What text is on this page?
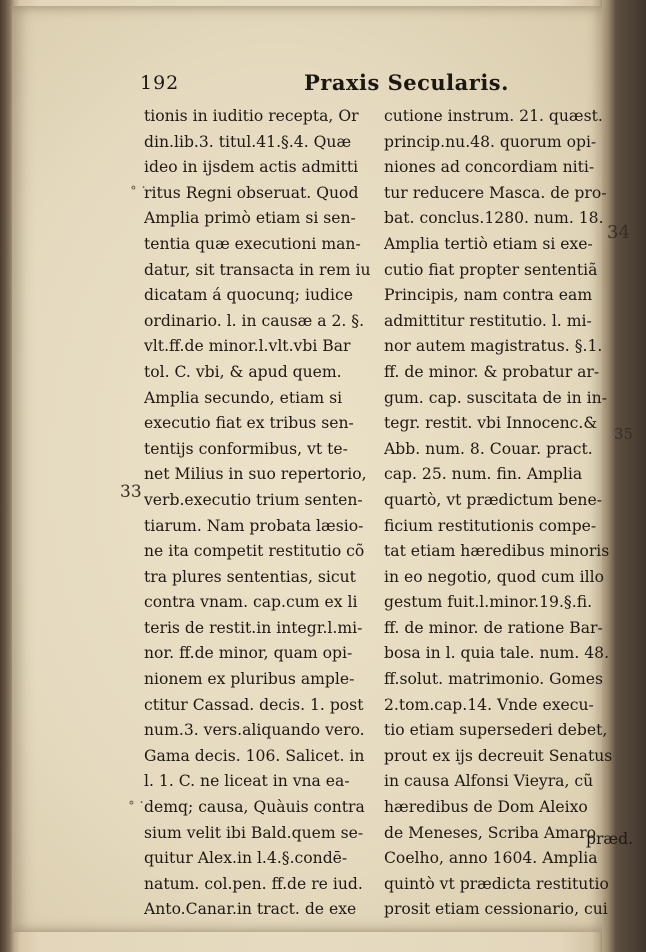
192	Praxis Secularis.
tionis in iuditio recepta, Or
din.lib.3. titul.41.§.4. Quæ
ideo in ijsdem actis admitti
ritus Regni obseruat. Quod
Amplia primò etiam si sen-
tentia quæ executioni man-
datur, sit transacta in rem iu
dicatam á quocunq; iudice
ordinario. l. in causæ a 2. §.
vlt.ff.de minor.l.vlt.vbi Bar
tol. C. vbi, & apud quem.
Amplia secundo, etiam si
executio fiat ex tribus sen-
tentijs conformibus, vt te-
net Milius in suo repertorio,
verb.executio trium senten-
tiarum. Nam probata læsio-
ne ita competit restitutio cõ
tra plures sententias, sicut
contra vnam. cap.cum ex li
teris de restit.in integr.l.mi-
nor. ff.de minor, quam opi-
nionem ex pluribus ample-
ctitur Cassad. decis. 1. post
num.3. vers.aliquando vero.
Gama decis. 106. Salicet. in
l. 1. C. ne liceat in vna ea-
demq; causa, Quàuis contra
sium velit ibi Bald.quem se-
quitur Alex.in l.4.§.condē-
natum. col.pen. ff.de re iud.
Anto.Canar.in tract. de exe
cutione instrum. 21. quæst.
princip.nu.48. quorum opi-
niones ad concordiam niti-
tur reducere Masca. de pro-
bat. conclus.1280. num. 18.
Amplia tertiò etiam si exe-
cutio fiat propter sententiã
Principis, nam contra eam
admittitur restitutio. l. mi-
nor autem magistratus. §.1.
ff. de minor. & probatur ar-
gum. cap. suscitata de in in-
tegr. restit. vbi Innocenc.&
Abb. num. 8. Couar. pract.
cap. 25. num. fin. Amplia
quartò, vt prædictum bene-
ficium restitutionis compe-
tat etiam hæredibus minoris
in eo negotio, quod cum illo
gestum fuit.l.minor.19.§.fi.
ff. de minor. de ratione Bar-
bosa in l. quia tale. num. 48.
ff.solut. matrimonio. Gomes
2.tom.cap.14. Vnde execu-
tio etiam supersederi debet,
prout ex ijs decreuit Senatus
in causa Alfonsi Vieyra, cũ
hæredibus de Dom Aleixo
de Meneses, Scriba Amaro
Coelho, anno 1604. Amplia
quintò vt prædicta restitutio
prosit etiam cessionario, cui
33
34
35
∘ ·
∘ ·
præd.
